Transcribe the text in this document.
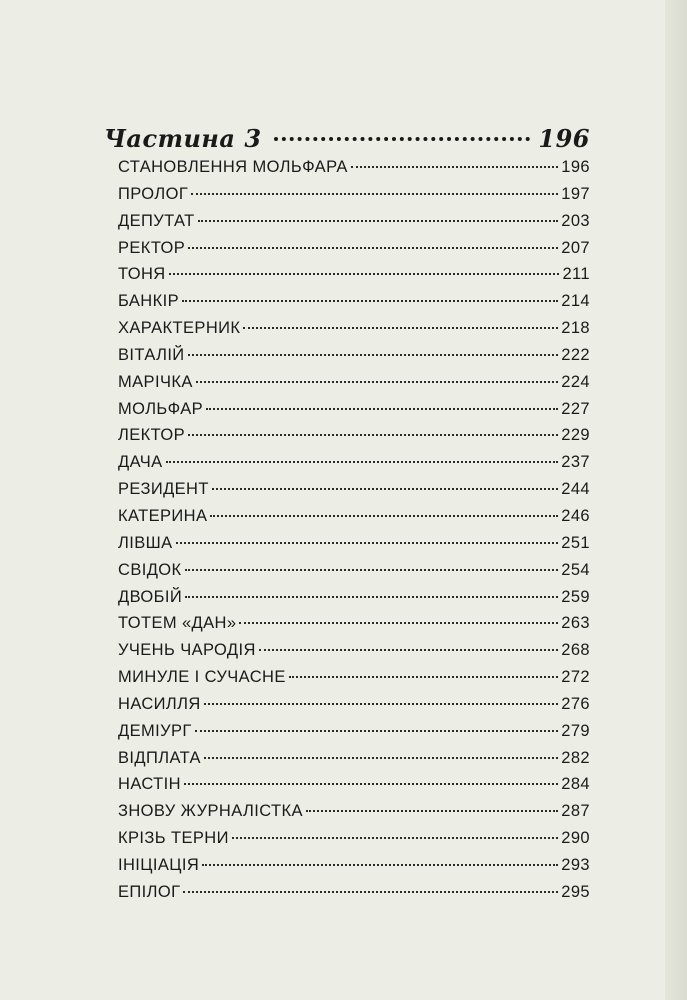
Частина 3	196
СТАНОВЛЕННЯ МОЛЬФАРА	196
ПРОЛОГ	197
ДЕПУТАТ	203
РЕКТОР	207
ТОНЯ	211
БАНКІР	214
ХАРАКТЕРНИК	218
ВІТАЛІЙ	222
МАРІЧКА	224
МОЛЬФАР	227
ЛЕКТОР	229
ДАЧА	237
РЕЗИДЕНТ	244
КАТЕРИНА	246
ЛІВША	251
СВІДОК	254
ДВОБІЙ	259
ТОТЕМ «ДАН»	263
УЧЕНЬ ЧАРОДІЯ	268
МИНУЛЕ І СУЧАСНЕ	272
НАСИЛЛЯ	276
ДЕМІУРГ	279
ВІДПЛАТА	282
НАСТІН	284
ЗНОВУ ЖУРНАЛІСТКА	287
КРІЗЬ ТЕРНИ	290
ІНІЦІАЦІЯ	293
ЕПІЛОГ	295
